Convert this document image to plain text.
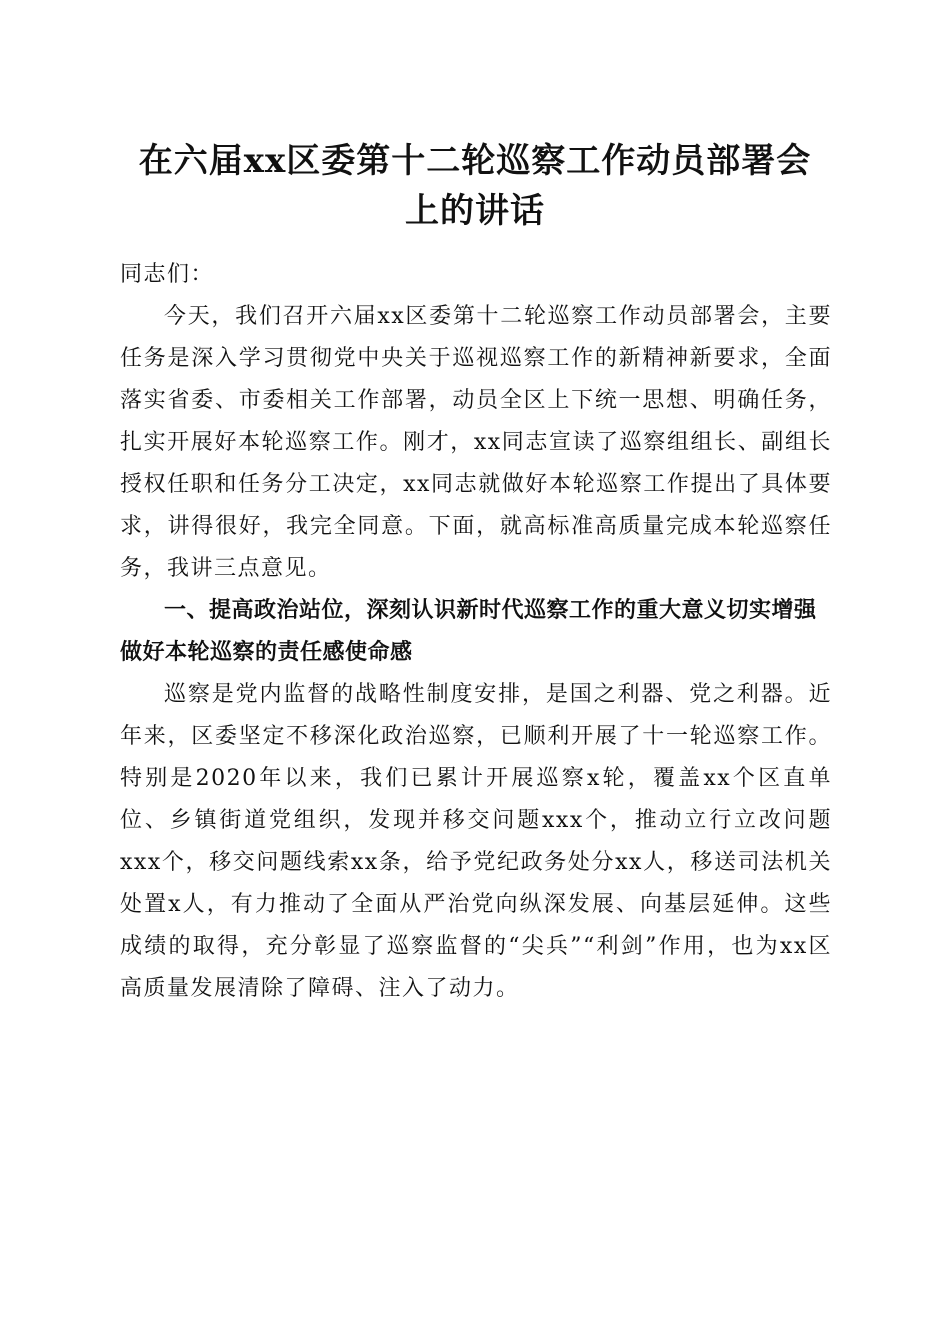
在六届xx区委第十二轮巡察工作动员部署会
上的讲话

同志们：

今天，我们召开六届xx区委第十二轮巡察工作动员部署会，主要任务是深入学习贯彻党中央关于巡视巡察工作的新精神新要求，全面落实省委、市委相关工作部署，动员全区上下统一思想、明确任务，扎实开展好本轮巡察工作。刚才，xx同志宣读了巡察组组长、副组长授权任职和任务分工决定，xx同志就做好本轮巡察工作提出了具体要求，讲得很好，我完全同意。下面，就高标准高质量完成本轮巡察任务，我讲三点意见。

一、提高政治站位，深刻认识新时代巡察工作的重大意义切实增强做好本轮巡察的责任感使命感

巡察是党内监督的战略性制度安排，是国之利器、党之利器。近年来，区委坚定不移深化政治巡察，已顺利开展了十一轮巡察工作。特别是2020年以来，我们已累计开展巡察x轮，覆盖xx个区直单位、乡镇街道党组织，发现并移交问题xxx个，推动立行立改问题xxx个，移交问题线索xx条，给予党纪政务处分xx人，移送司法机关处置x人，有力推动了全面从严治党向纵深发展、向基层延伸。这些成绩的取得，充分彰显了巡察监督的“尖兵”“利剑”作用，也为xx区高质量发展清除了障碍、注入了动力。
